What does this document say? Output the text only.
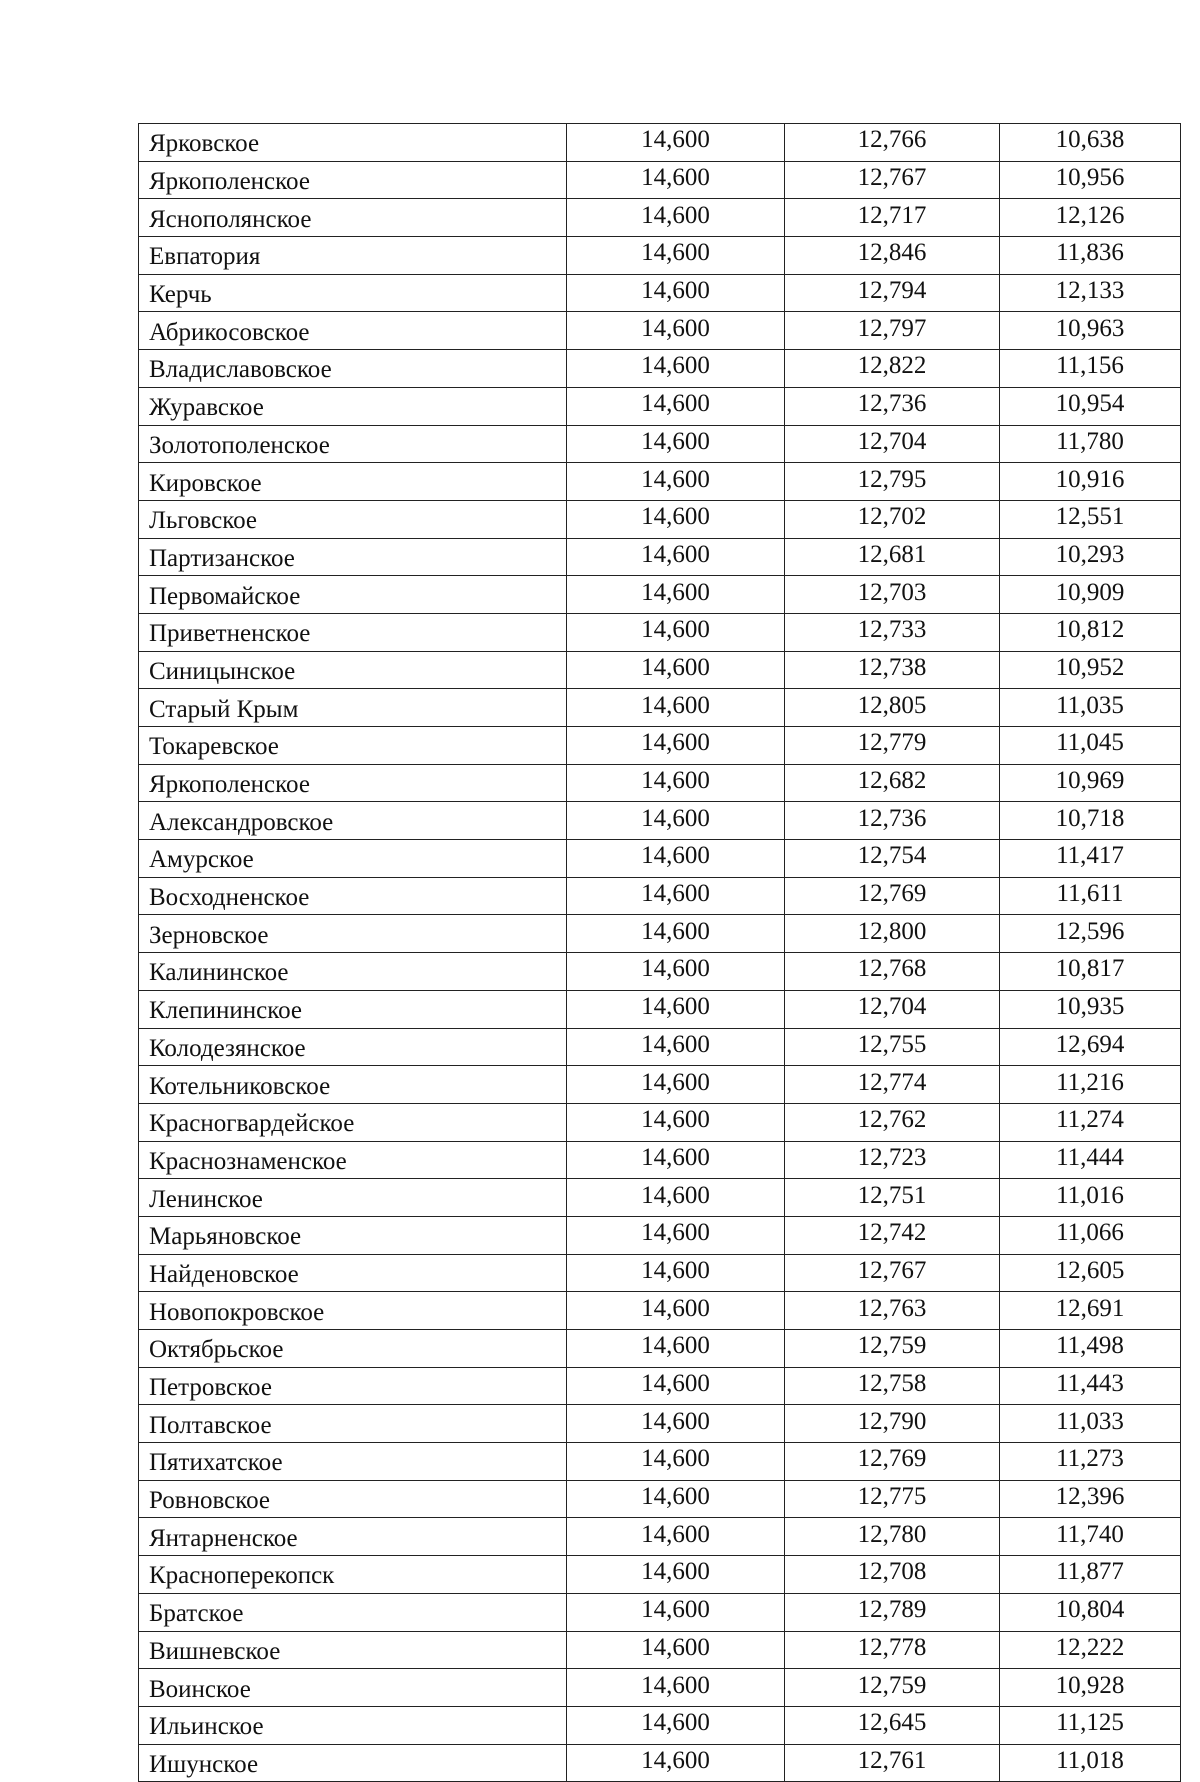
Ярковское	14,600	12,766	10,638
Яркополенское	14,600	12,767	10,956
Яснополянское	14,600	12,717	12,126
Евпатория	14,600	12,846	11,836
Керчь	14,600	12,794	12,133
Абрикосовское	14,600	12,797	10,963
Владиславовское	14,600	12,822	11,156
Журавское	14,600	12,736	10,954
Золотополенское	14,600	12,704	11,780
Кировское	14,600	12,795	10,916
Льговское	14,600	12,702	12,551
Партизанское	14,600	12,681	10,293
Первомайское	14,600	12,703	10,909
Приветненское	14,600	12,733	10,812
Синицынское	14,600	12,738	10,952
Старый Крым	14,600	12,805	11,035
Токаревское	14,600	12,779	11,045
Яркополенское	14,600	12,682	10,969
Александровское	14,600	12,736	10,718
Амурское	14,600	12,754	11,417
Восходненское	14,600	12,769	11,611
Зерновское	14,600	12,800	12,596
Калининское	14,600	12,768	10,817
Клепининское	14,600	12,704	10,935
Колодезянское	14,600	12,755	12,694
Котельниковское	14,600	12,774	11,216
Красногвардейское	14,600	12,762	11,274
Краснознаменское	14,600	12,723	11,444
Ленинское	14,600	12,751	11,016
Марьяновское	14,600	12,742	11,066
Найденовское	14,600	12,767	12,605
Новопокровское	14,600	12,763	12,691
Октябрьское	14,600	12,759	11,498
Петровское	14,600	12,758	11,443
Полтавское	14,600	12,790	11,033
Пятихатское	14,600	12,769	11,273
Ровновское	14,600	12,775	12,396
Янтарненское	14,600	12,780	11,740
Красноперекопск	14,600	12,708	11,877
Братское	14,600	12,789	10,804
Вишневское	14,600	12,778	12,222
Воинское	14,600	12,759	10,928
Ильинское	14,600	12,645	11,125
Ишунское	14,600	12,761	11,018
